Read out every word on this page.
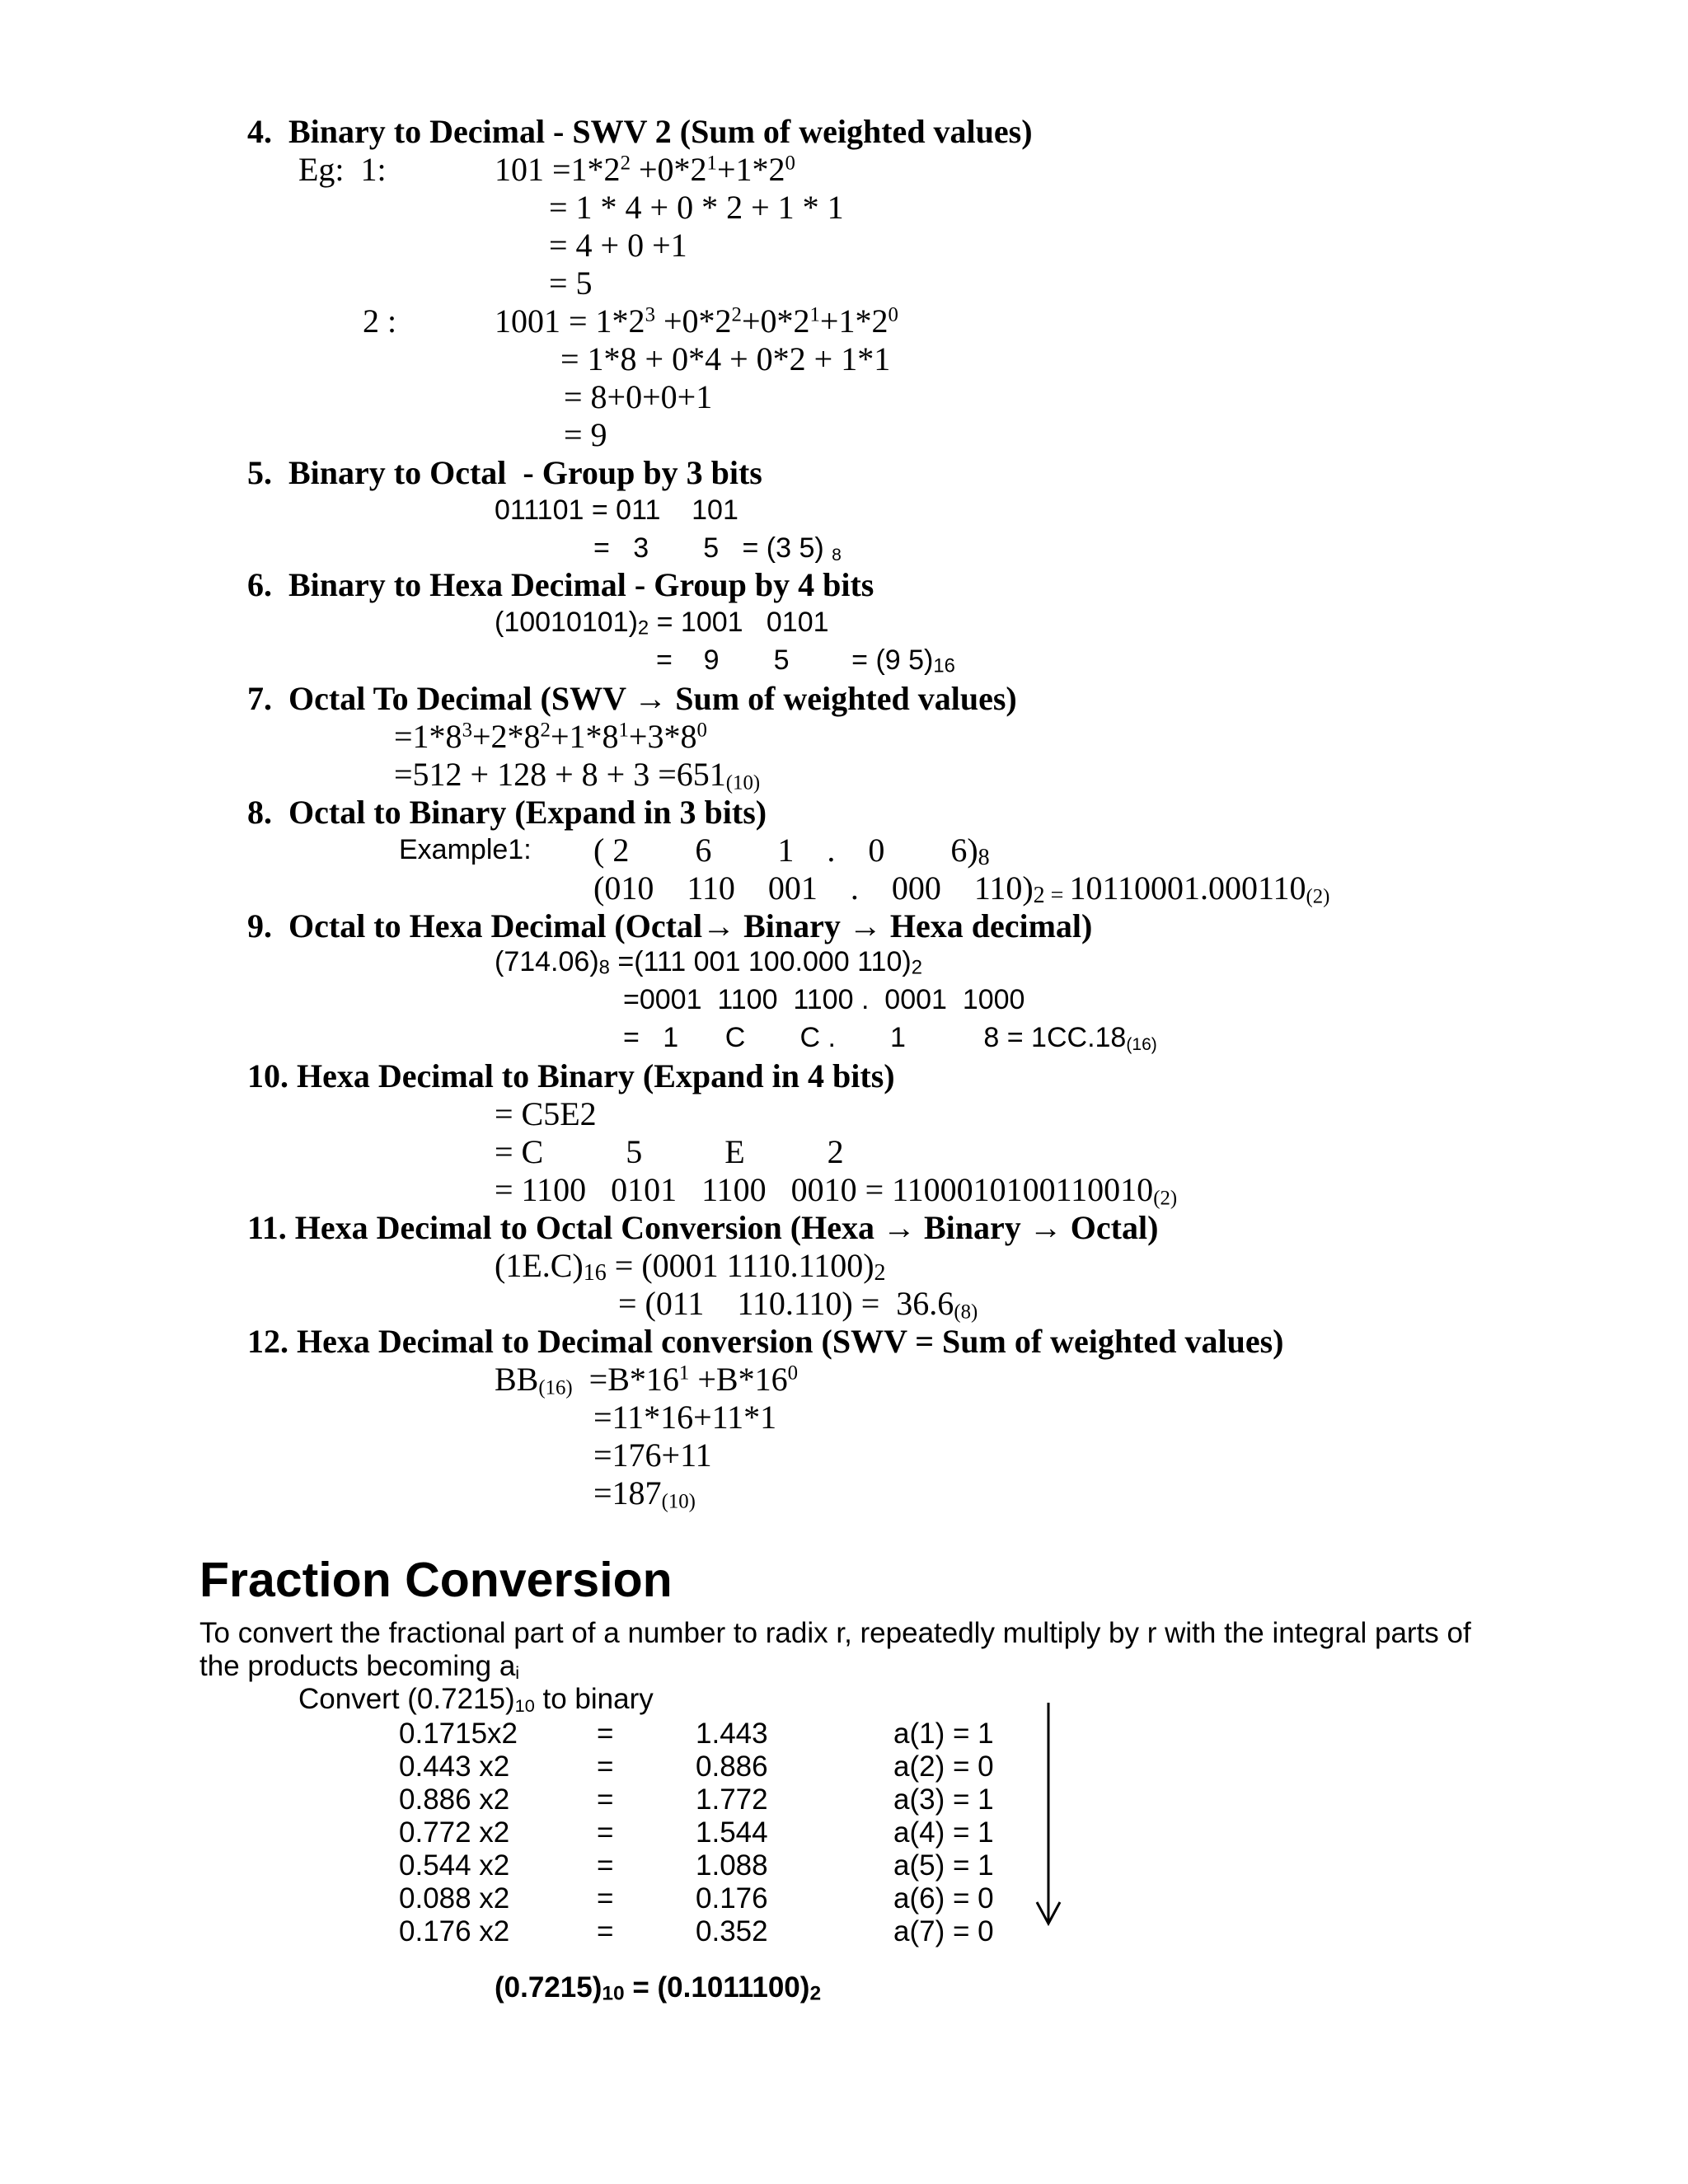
4.  Binary to Decimal - SWV 2 (Sum of weighted values)
Eg:  1:	$101 =1*2^2 +0*2^1+1*2^0$
= 1 * 4 + 0 * 2 + 1 * 1
= 4 + 0 +1
= 5
2 :	$1001 = 1*2^3 +0*2^2+0*2^1+1*2^0$
= 1*8 + 0*4 + 0*2 + 1*1
= 8+0+0+1
= 9
5.  Binary to Octal  - Group by 3 bits
011101 = 011    101
=   3       5   = (3 5) 8
6.  Binary to Hexa Decimal - Group by 4 bits
(10010101)2 = 1001   0101
=    9       5        = (9 5)16
7.  Octal To Decimal (SWV → Sum of weighted values)
$=1*8^3+2*8^2+1*8^1+3*8^0$
=512 + 128 + 8 + 3 =651(10)
8.  Octal to Binary (Expand in 3 bits)
Example1: ( 2        6        1    .    0        6)8
(010    110    001    .    000    110)2 = 10110001.000110(2)
9.  Octal to Hexa Decimal (Octal→ Binary → Hexa decimal)
(714.06)8 =(111 001 100.000 110)2
=0001  1100  1100 .  0001  1000
=   1      C       C .       1          8 = 1CC.18(16)
10. Hexa Decimal to Binary (Expand in 4 bits)
= C5E2
= C          5          E          2
= 1100   0101   1100   0010 = 1100010100110010(2)
11. Hexa Decimal to Octal Conversion (Hexa → Binary → Octal)
(1E.C)16 = (0001 1110.1100)2
= (011    110.110) =  36.6(8)
12. Hexa Decimal to Decimal conversion (SWV = Sum of weighted values)
$BB(16) =B*16^1 +B*16^0$
=11*16+11*1
=176+11
=187(10)
Fraction Conversion
To convert the fractional part of a number to radix r, repeatedly multiply by r with the integral parts of
the products becoming ai
Convert (0.7215)10 to binary
0.1715x2	=	1.443	a(1) = 1
0.443 x2	=	0.886	a(2) = 0
0.886 x2	=	1.772	a(3) = 1
0.772 x2	=	1.544	a(4) = 1
0.544 x2	=	1.088	a(5) = 1
0.088 x2	=	0.176	a(6) = 0
0.176 x2	=	0.352	a(7) = 0
(0.7215)10 = (0.1011100)2
